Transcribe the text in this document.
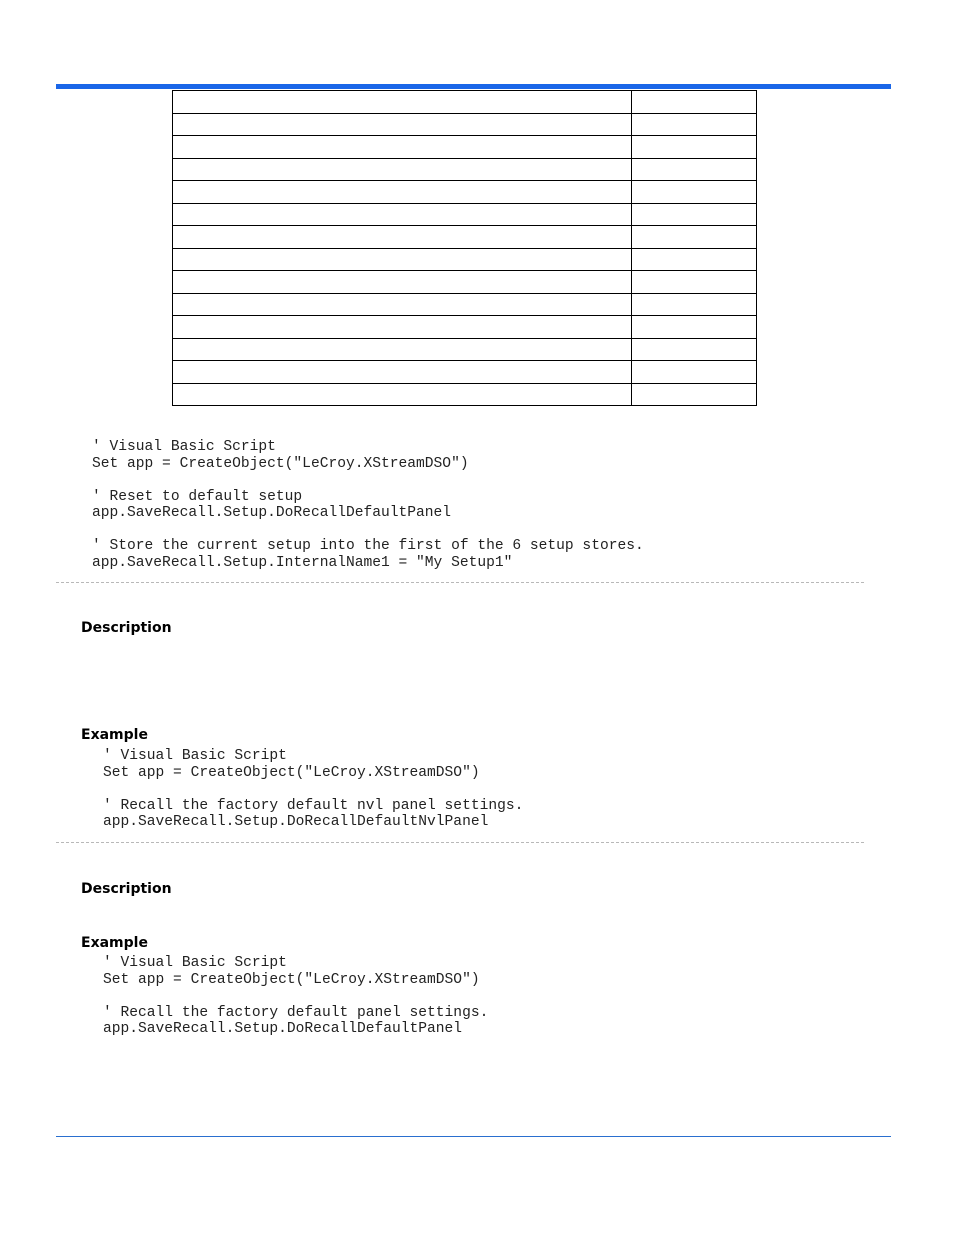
' Visual Basic Script
Set app = CreateObject("LeCroy.XStreamDSO")

' Reset to default setup
app.SaveRecall.Setup.DoRecallDefaultPanel

' Store the current setup into the first of the 6 setup stores.
app.SaveRecall.Setup.InternalName1 = "My Setup1"
Description
Example
' Visual Basic Script
Set app = CreateObject("LeCroy.XStreamDSO")

' Recall the factory default nvl panel settings.
app.SaveRecall.Setup.DoRecallDefaultNvlPanel
Description
Example
' Visual Basic Script
Set app = CreateObject("LeCroy.XStreamDSO")

' Recall the factory default panel settings.
app.SaveRecall.Setup.DoRecallDefaultPanel
